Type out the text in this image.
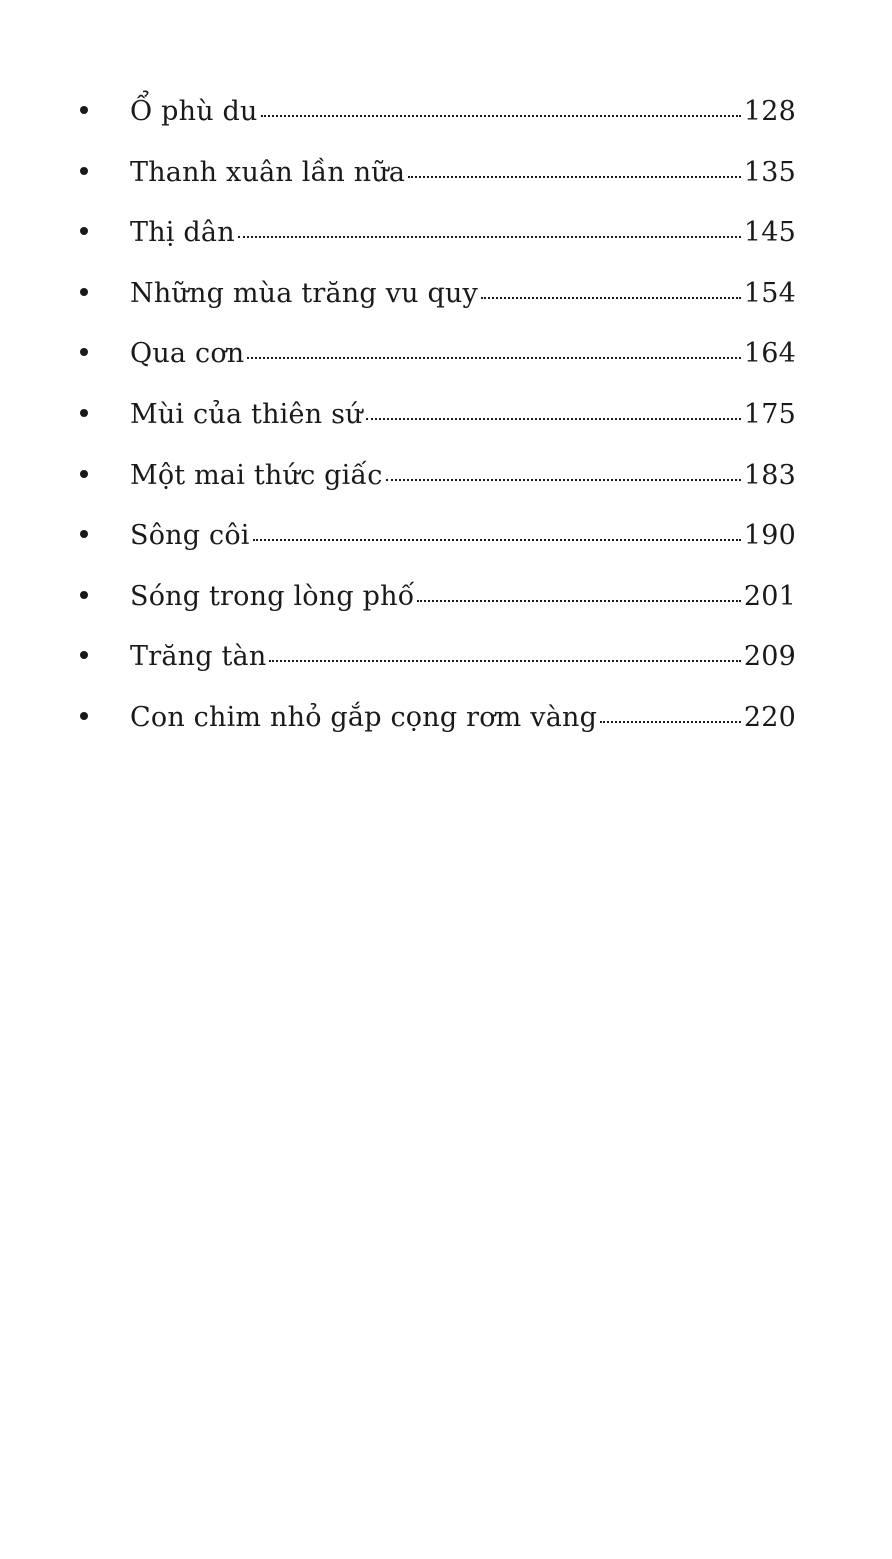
Ổ phù du	128
Thanh xuân lần nữa	135
Thị dân	145
Những mùa trăng vu quy	154
Qua cơn	164
Mùi của thiên sứ	175
Một mai thức giấc	183
Sông côi	190
Sóng trong lòng phố	201
Trăng tàn	209
Con chim nhỏ gắp cọng rơm vàng	220
